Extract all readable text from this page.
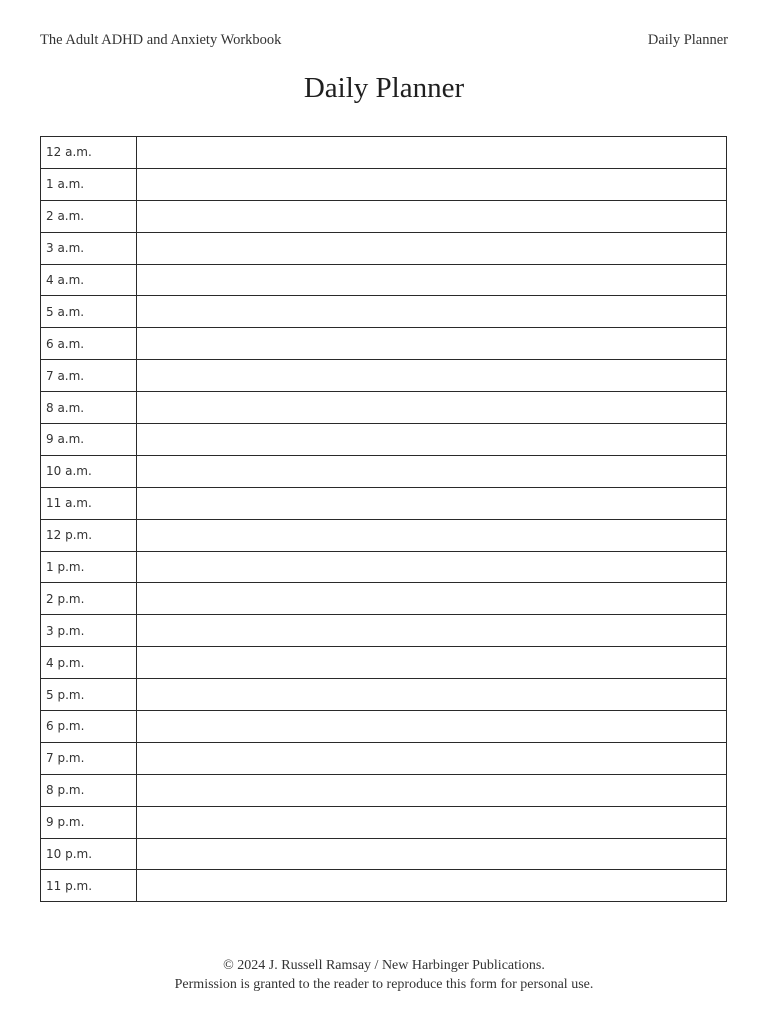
The Adult ADHD and Anxiety Workbook	Daily Planner
Daily Planner
12 a.m.	
1 a.m.	
2 a.m.	
3 a.m.	
4 a.m.	
5 a.m.	
6 a.m.	
7 a.m.	
8 a.m.	
9 a.m.	
10 a.m.	
11 a.m.	
12 p.m.	
1 p.m.	
2 p.m.	
3 p.m.	
4 p.m.	
5 p.m.	
6 p.m.	
7 p.m.	
8 p.m.	
9 p.m.	
10 p.m.	
11 p.m.	
© 2024 J. Russell Ramsay / New Harbinger Publications.
Permission is granted to the reader to reproduce this form for personal use.
